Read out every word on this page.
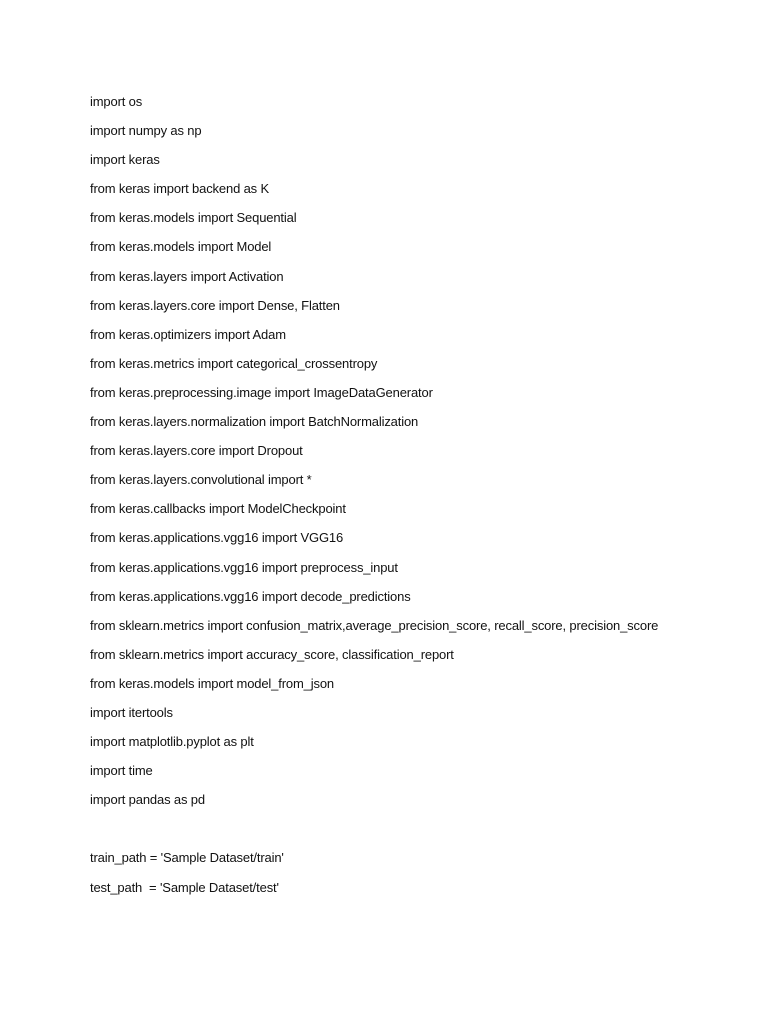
import os
import numpy as np
import keras
from keras import backend as K
from keras.models import Sequential
from keras.models import Model
from keras.layers import Activation
from keras.layers.core import Dense, Flatten
from keras.optimizers import Adam
from keras.metrics import categorical_crossentropy
from keras.preprocessing.image import ImageDataGenerator
from keras.layers.normalization import BatchNormalization
from keras.layers.core import Dropout
from keras.layers.convolutional import *
from keras.callbacks import ModelCheckpoint
from keras.applications.vgg16 import VGG16
from keras.applications.vgg16 import preprocess_input
from keras.applications.vgg16 import decode_predictions
from sklearn.metrics import confusion_matrix,average_precision_score, recall_score, precision_score
from sklearn.metrics import accuracy_score, classification_report
from keras.models import model_from_json
import itertools
import matplotlib.pyplot as plt
import time
import pandas as pd
train_path = 'Sample Dataset/train'
test_path  = 'Sample Dataset/test'
